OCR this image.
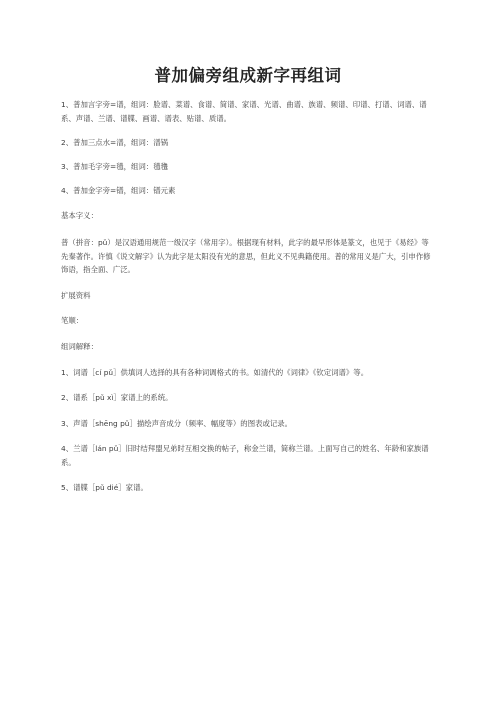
普加偏旁组成新字再组词
1、普加言字旁=谱，组词：脸谱、菜谱、食谱、简谱、家谱、光谱、曲谱、族谱、频谱、印谱、打谱、词谱、谱系、声谱、兰谱、谱牒、画谱、谱表、贴谱、质谱。
2、普加三点水=潽，组词：潽锅
3、普加毛字旁=氆，组词：氆氇
4、普加金字旁=镨，组词：镨元素
基本字义：
普（拼音：pǔ）是汉语通用规范一级汉字（常用字）。根据现有材料，此字的最早形体是篆文，也见于《易经》等先秦著作。许慎《说文解字》认为此字是太阳没有光的意思，但此义不见典籍使用。普的常用义是广大，引申作修饰语，指全面、广泛。
扩展资料
笔顺：
组词解释：
1、词谱［cí pǔ］供填词人选择的具有各种词调格式的书。如清代的《词律》《钦定词谱》等。
2、谱系［pǔ xì］家谱上的系统。
3、声谱［shēng pǔ］描绘声音成分（频率、幅度等）的图表或记录。
4、兰谱［lán pǔ］旧时结拜盟兄弟时互相交换的帖子，称金兰谱，简称兰谱。上面写自己的姓名、年龄和家族谱系。
5、谱牒［pǔ dié］家谱。
